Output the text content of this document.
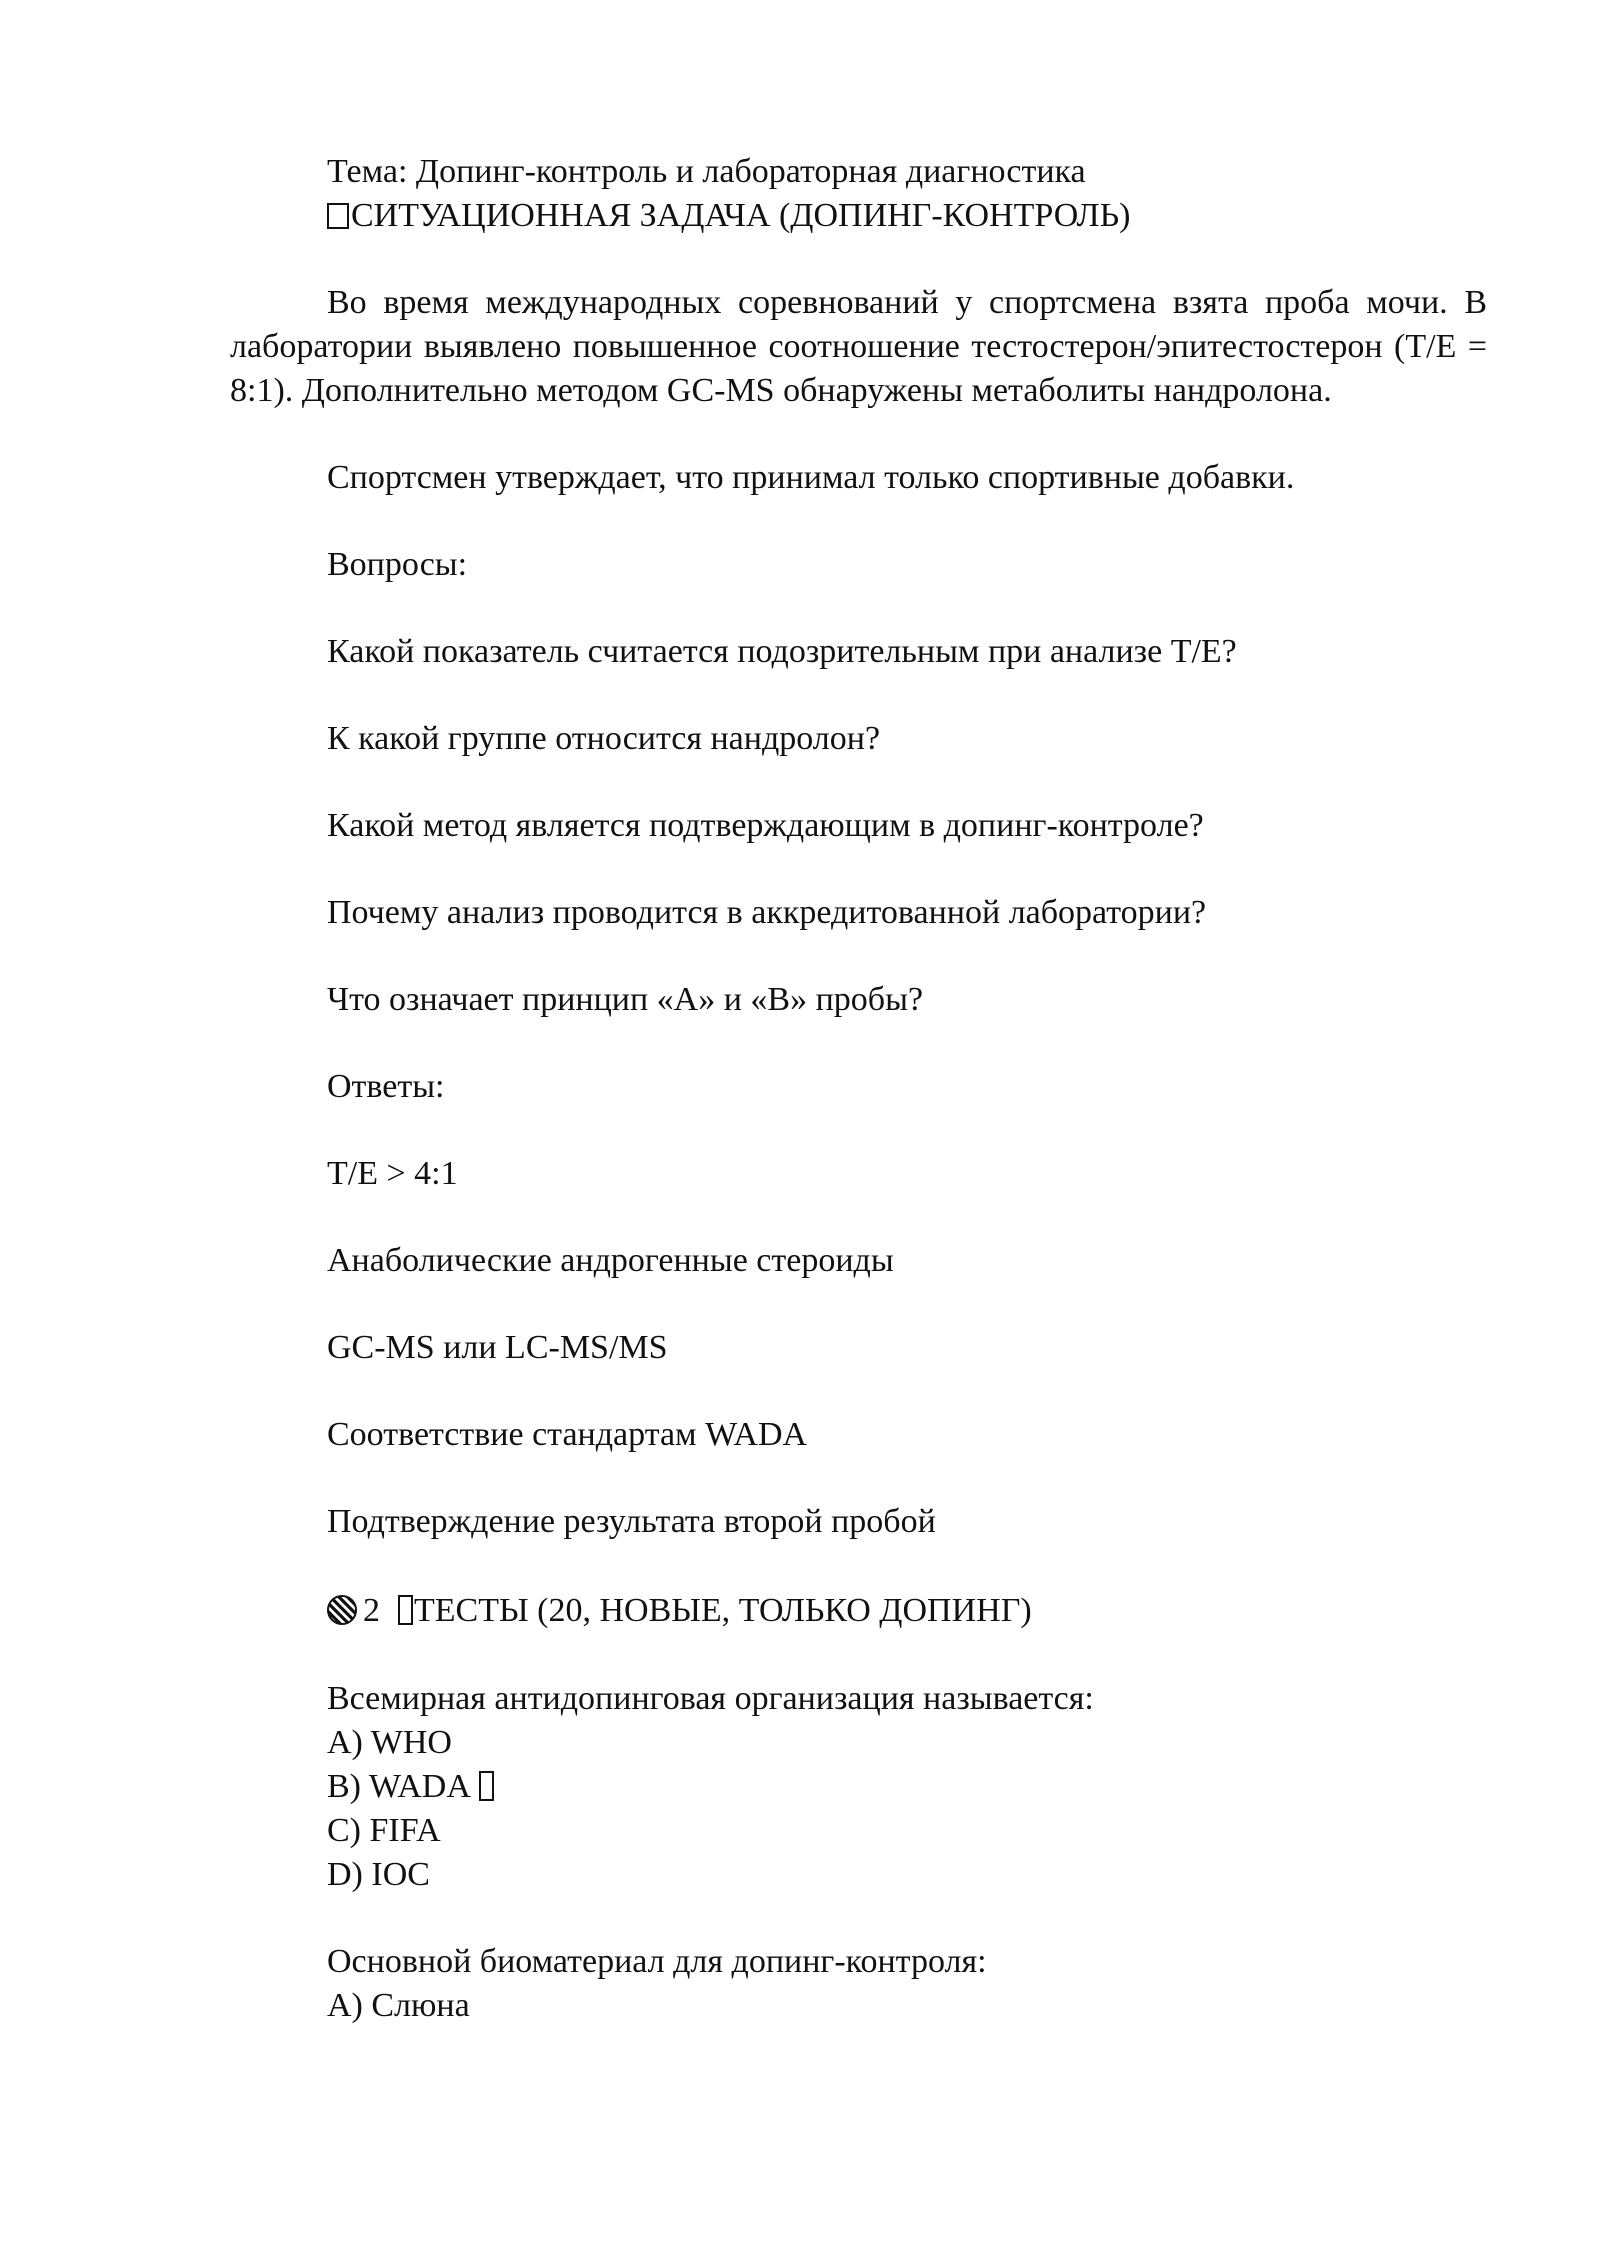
Тема: Допинг-контроль и лабораторная диагностика

СИТУАЦИОННАЯ ЗАДАЧА (ДОПИНГ-КОНТРОЛЬ)

Во время международных соревнований у спортсмена взята проба мочи. В лаборатории выявлено повышенное соотношение тестостерон/эпитестостерон (T/E = 8:1). Дополнительно методом GC-MS обнаружены метаболиты нандролона.

Спортсмен утверждает, что принимал только спортивные добавки.

Вопросы:

Какой показатель считается подозрительным при анализе T/E?

К какой группе относится нандролон?

Какой метод является подтверждающим в допинг-контроле?

Почему анализ проводится в аккредитованной лаборатории?

Что означает принцип «A» и «B» пробы?

Ответы:

T/E > 4:1

Анаболические андрогенные стероиды

GC-MS или LC-MS/MS

Соответствие стандартам WADA

Подтверждение результата второй пробой

2 ТЕСТЫ (20, НОВЫЕ, ТОЛЬКО ДОПИНГ)

Всемирная антидопинговая организация называется:

A) WHO

B) WADA

C) FIFA

D) IOC

Основной биоматериал для допинг-контроля:

A) Слюна
